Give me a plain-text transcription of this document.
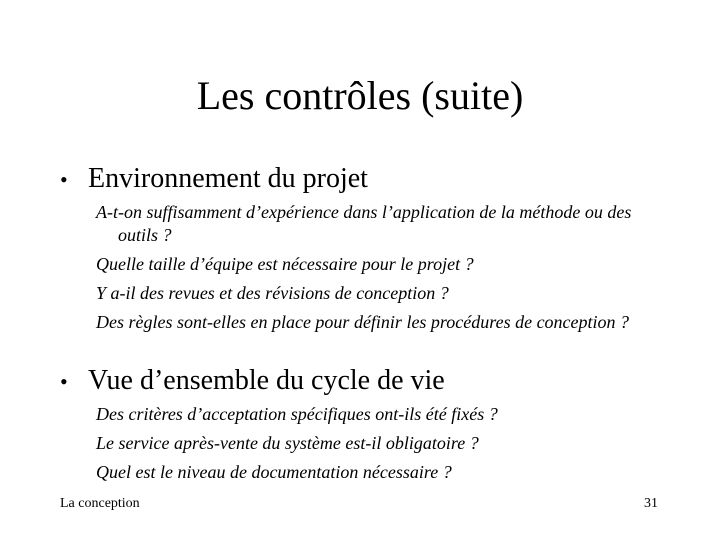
Les contrôles (suite)
• Environnement du projet
A-t-on suffisamment d’expérience dans l’application de la méthode ou des outils ?
Quelle taille d’équipe est nécessaire pour le projet ?
Y a-il des revues et des révisions de conception ?
Des règles sont-elles en place pour définir les procédures de conception ?
• Vue d’ensemble du cycle de vie
Des critères d’acceptation spécifiques ont-ils été fixés ?
Le service après-vente du système est-il obligatoire ?
Quel est le niveau de documentation nécessaire ?
La conception	31
